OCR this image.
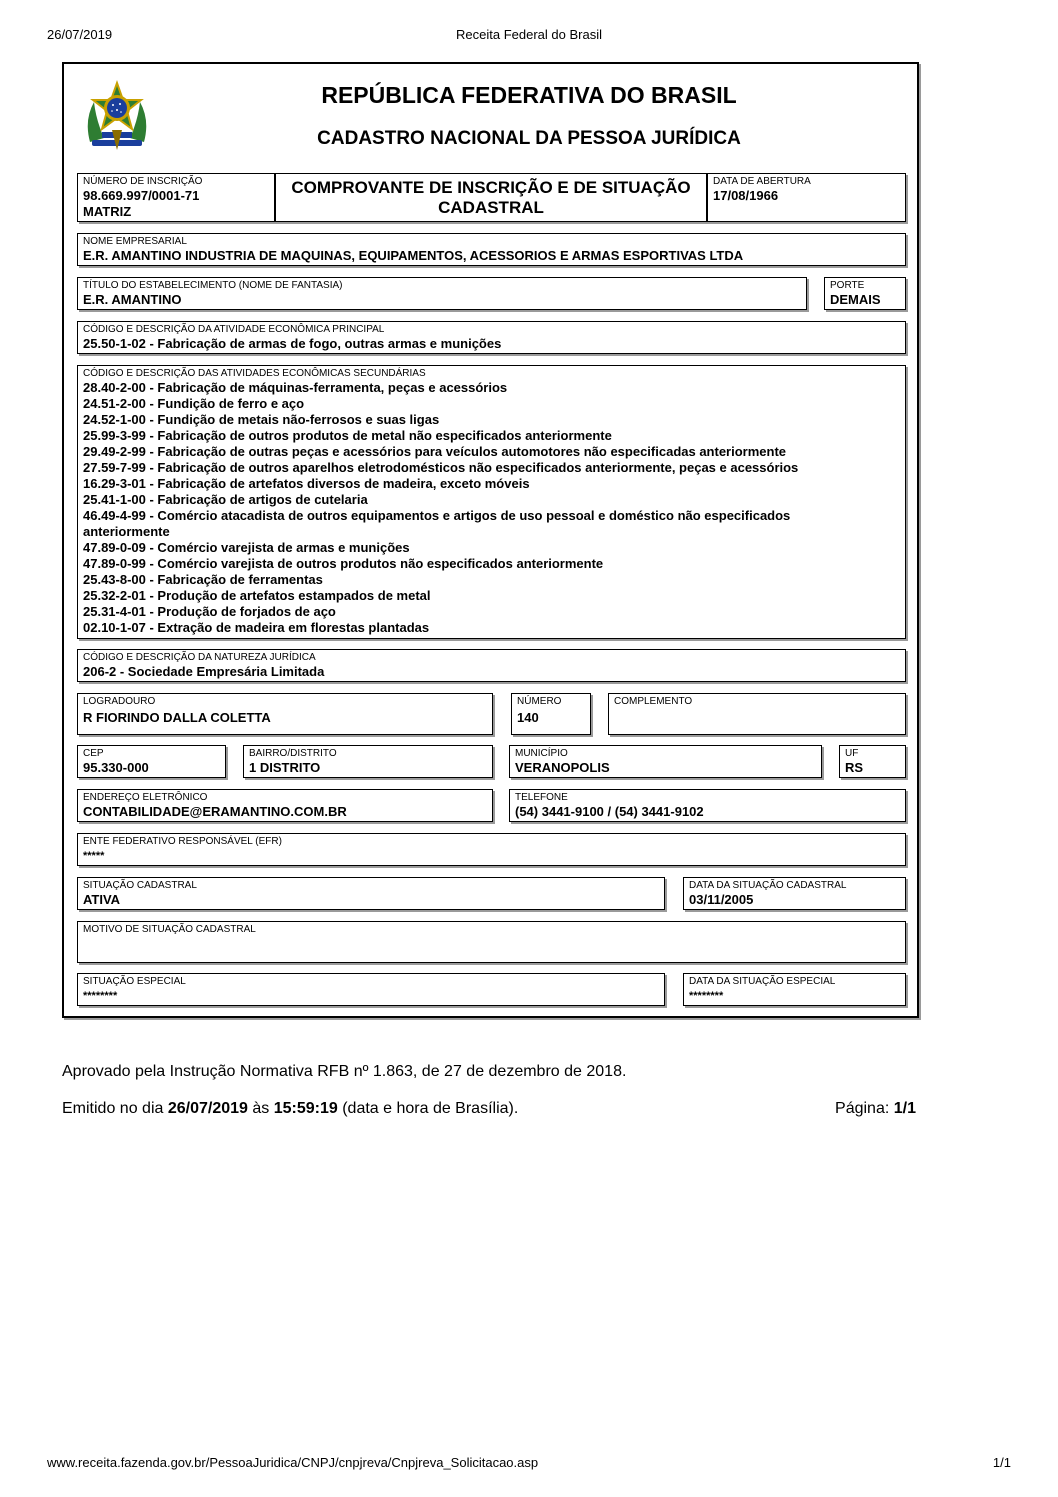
26/07/2019	Receita Federal do Brasil
www.receita.fazenda.gov.br/PessoaJuridica/CNPJ/cnpjreva/Cnpjreva_Solicitacao.asp	1/1
REPÚBLICA FEDERATIVA DO BRASIL
CADASTRO NACIONAL DA PESSOA JURÍDICA
NÚMERO DE INSCRIÇÃO
98.669.997/0001-71
MATRIZ
COMPROVANTE DE INSCRIÇÃO E DE SITUAÇÃO
CADASTRAL
DATA DE ABERTURA
17/08/1966
NOME EMPRESARIAL
E.R. AMANTINO INDUSTRIA DE MAQUINAS, EQUIPAMENTOS, ACESSORIOS E ARMAS ESPORTIVAS LTDA
TÍTULO DO ESTABELECIMENTO (NOME DE FANTASIA)
E.R. AMANTINO
PORTE
DEMAIS
CÓDIGO E DESCRIÇÃO DA ATIVIDADE ECONÔMICA PRINCIPAL
25.50-1-02 - Fabricação de armas de fogo, outras armas e munições
CÓDIGO E DESCRIÇÃO DAS ATIVIDADES ECONÔMICAS SECUNDÁRIAS
28.40-2-00 - Fabricação de máquinas-ferramenta, peças e acessórios
24.51-2-00 - Fundição de ferro e aço
24.52-1-00 - Fundição de metais não-ferrosos e suas ligas
25.99-3-99 - Fabricação de outros produtos de metal não especificados anteriormente
29.49-2-99 - Fabricação de outras peças e acessórios para veículos automotores não especificadas anteriormente
27.59-7-99 - Fabricação de outros aparelhos eletrodomésticos não especificados anteriormente, peças e acessórios
16.29-3-01 - Fabricação de artefatos diversos de madeira, exceto móveis
25.41-1-00 - Fabricação de artigos de cutelaria
46.49-4-99 - Comércio atacadista de outros equipamentos e artigos de uso pessoal e doméstico não especificados
anteriormente
47.89-0-09 - Comércio varejista de armas e munições
47.89-0-99 - Comércio varejista de outros produtos não especificados anteriormente
25.43-8-00 - Fabricação de ferramentas
25.32-2-01 - Produção de artefatos estampados de metal
25.31-4-01 - Produção de forjados de aço
02.10-1-07 - Extração de madeira em florestas plantadas
CÓDIGO E DESCRIÇÃO DA NATUREZA JURÍDICA
206-2 - Sociedade Empresária Limitada
LOGRADOURO
R FIORINDO DALLA COLETTA
NÚMERO
140
COMPLEMENTO
CEP
95.330-000
BAIRRO/DISTRITO
1 DISTRITO
MUNICÍPIO
VERANOPOLIS
UF
RS
ENDEREÇO ELETRÔNICO
CONTABILIDADE@ERAMANTINO.COM.BR
TELEFONE
(54) 3441-9100 / (54) 3441-9102
ENTE FEDERATIVO RESPONSÁVEL (EFR)
*****
SITUAÇÃO CADASTRAL
ATIVA
DATA DA SITUAÇÃO CADASTRAL
03/11/2005
MOTIVO DE SITUAÇÃO CADASTRAL
SITUAÇÃO ESPECIAL
********
DATA DA SITUAÇÃO ESPECIAL
********
Aprovado pela Instrução Normativa RFB nº 1.863, de 27 de dezembro de 2018.
Emitido no dia 26/07/2019 às 15:59:19 (data e hora de Brasília).	Página: 1/1
